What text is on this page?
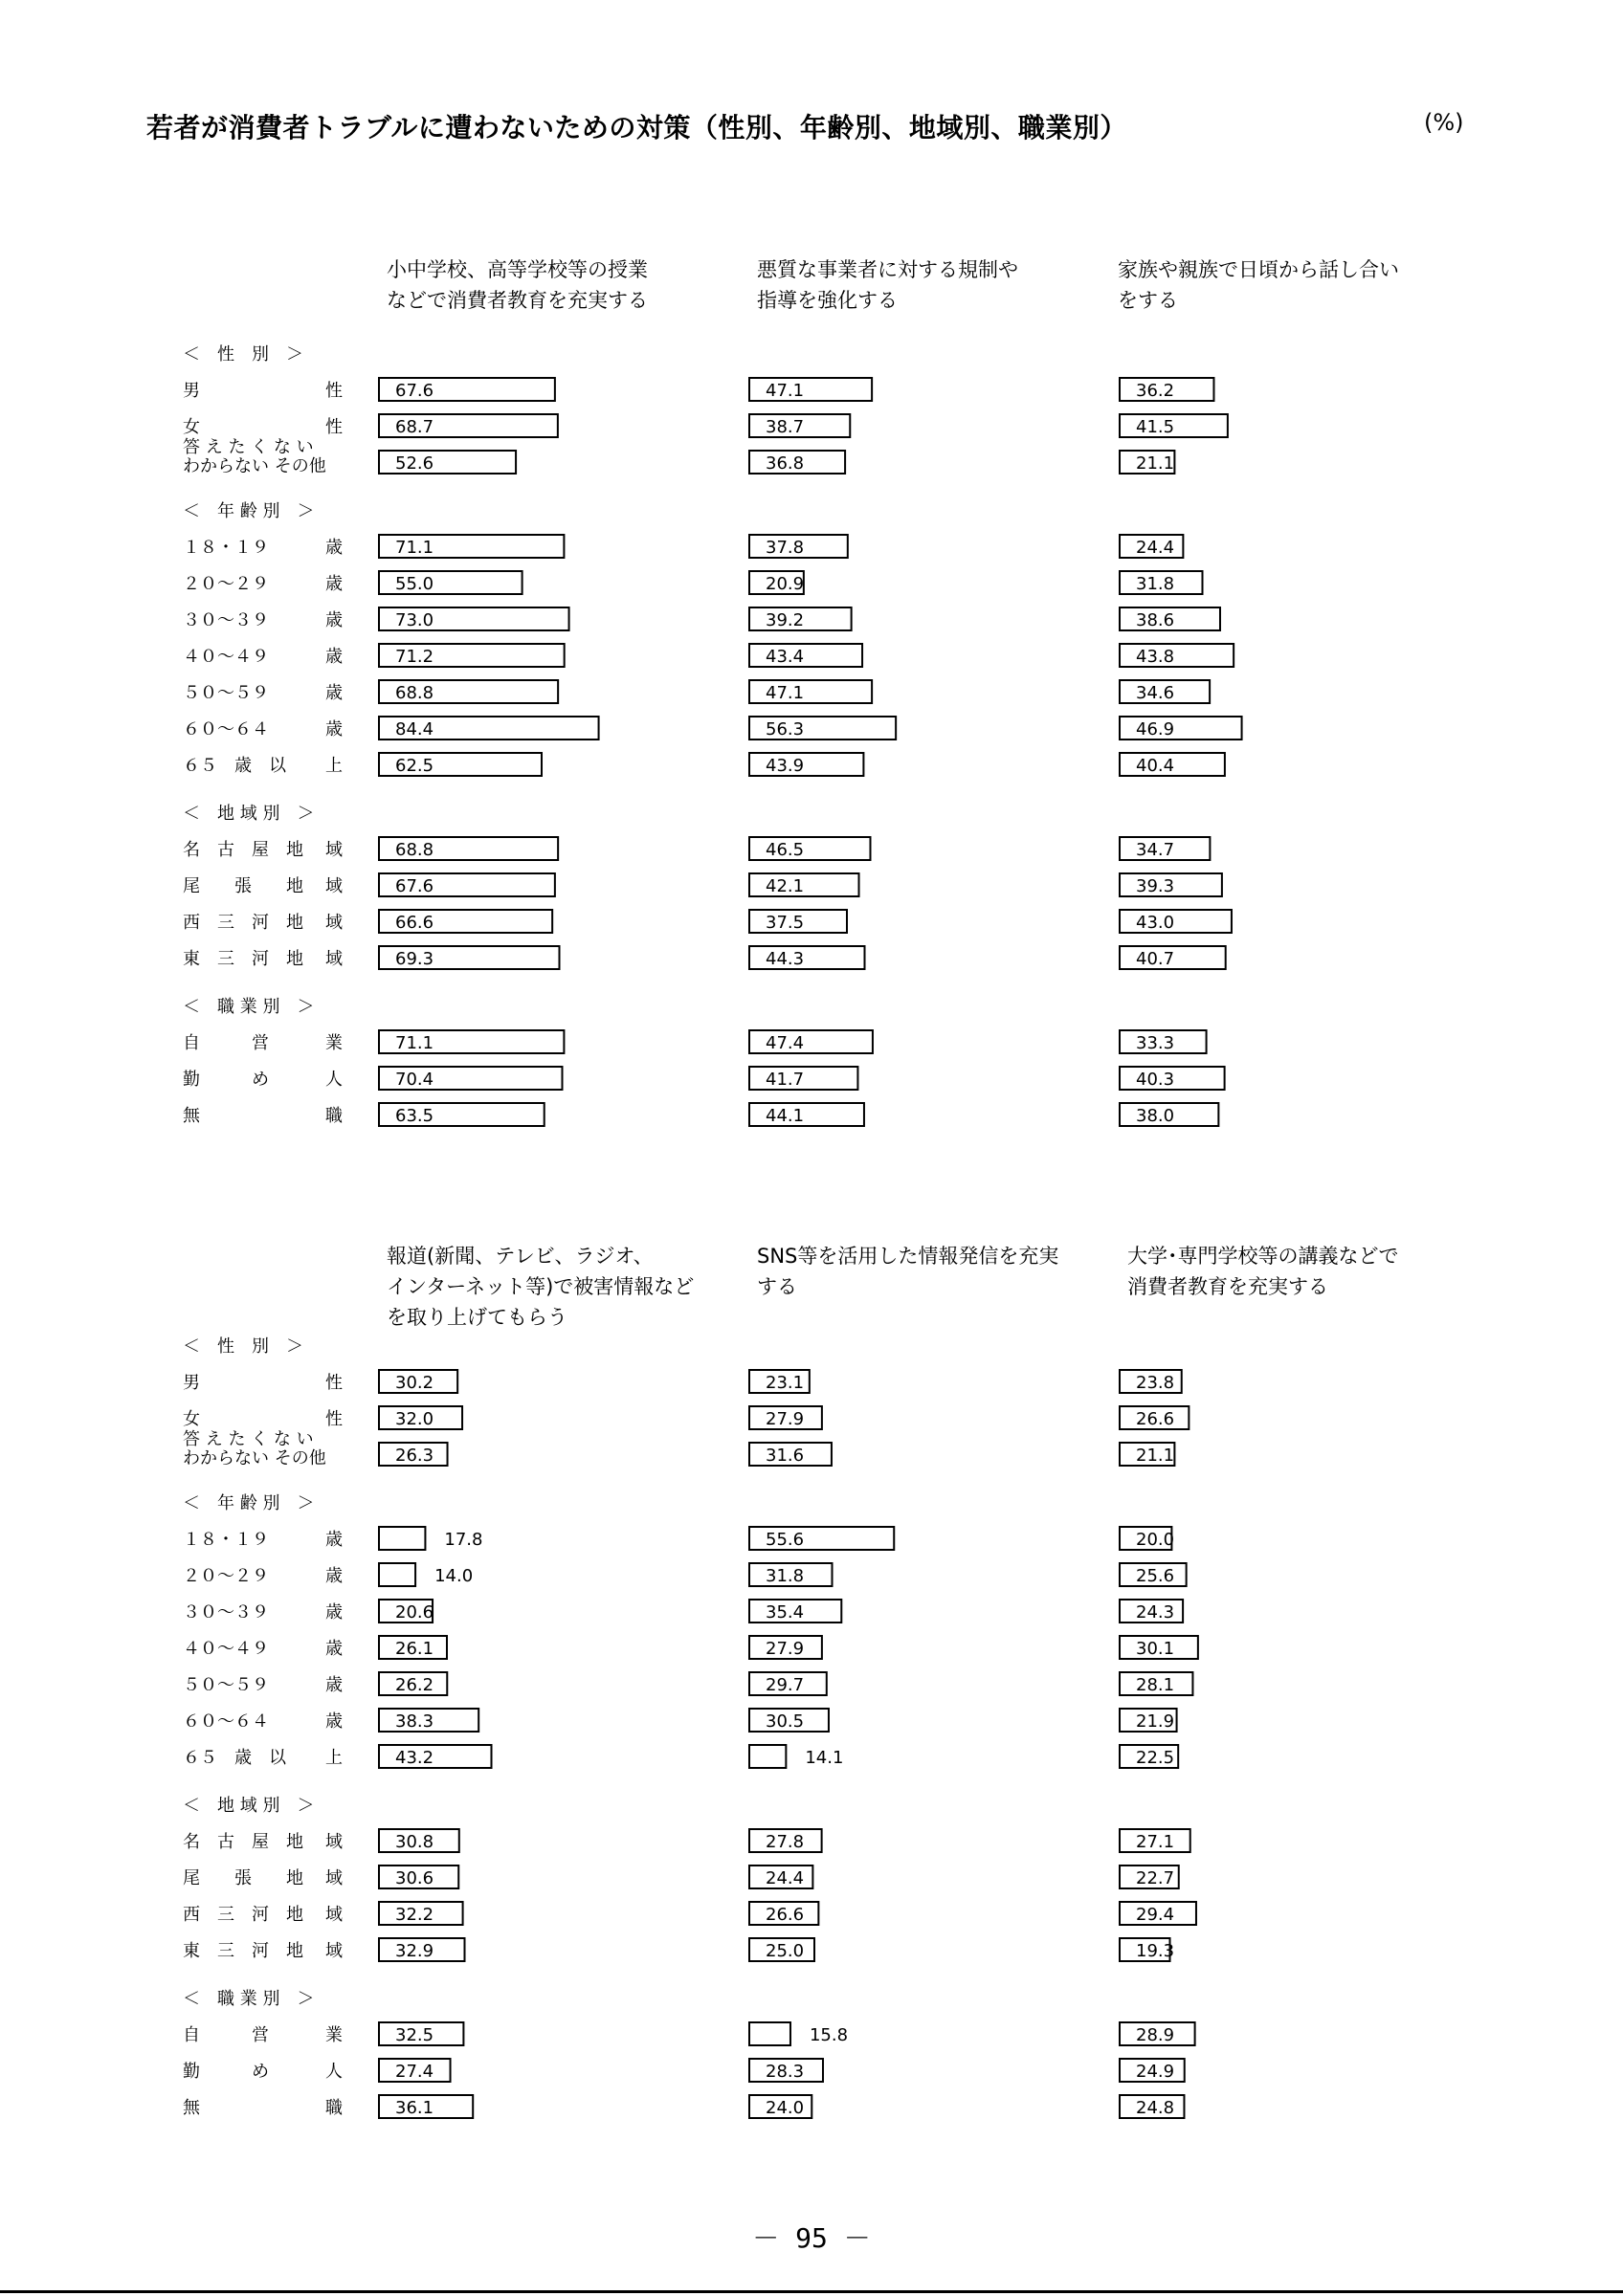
若者が消費者トラブルに遭わないための対策（性別、年齢別、地域別、職業別）	(%)
小中学校、高等学校等の授業
などで消費者教育を充実する
悪質な事業者に対する規制や
指導を強化する
家族や親族で日頃から話し合い
をする
＜　性　別　＞
男	性	67.6	47.1	36.2
女	性	68.7	38.7	41.5
答 え た く な い
わからない その他	52.6	36.8	21.1
＜　年 齢 別　＞
１８・１９	歳	71.1	37.8	24.4
２０～２９	歳	55.0	20.9	31.8
３０～３９	歳	73.0	39.2	38.6
４０～４９	歳	71.2	43.4	43.8
５０～５９	歳	68.8	47.1	34.6
６０～６４	歳	84.4	56.3	46.9
６５　歳　以 上	62.5	43.9	40.4
＜　地 域 別　＞
名　古　屋　地 域	68.8	46.5	34.7
尾　　張　　地 域	67.6	42.1	39.3
西　三　河　地 域	66.6	37.5	43.0
東　三　河　地 域	69.3	44.3	40.7
＜　職 業 別　＞
自　　　営	業	71.1	47.4	33.3
勤　　　め	人	70.4	41.7	40.3
無	職	63.5	44.1	38.0
報道(新聞、テレビ、ラジオ、
インターネット等)で被害情報など
を取り上げてもらう
SNS等を活用した情報発信を充実
する
大学･専門学校等の講義などで
消費者教育を充実する
＜　性　別　＞
男	性	30.2	23.1	23.8
女	性	32.0	27.9	26.6
答 え た く な い
わからない その他	26.3	31.6	21.1
＜　年 齢 別　＞
１８・１９	歳	17.8	55.6	20.0
２０～２９	歳	14.0	31.8	25.6
３０～３９	歳	20.6	35.4	24.3
４０～４９	歳	26.1	27.9	30.1
５０～５９	歳	26.2	29.7	28.1
６０～６４	歳	38.3	30.5	21.9
６５　歳　以 上	43.2	14.1	22.5
＜　地 域 別　＞
名　古　屋　地 域	30.8	27.8	27.1
尾　　張　　地 域	30.6	24.4	22.7
西　三　河　地 域	32.2	26.6	29.4
東　三　河　地 域	32.9	25.0	19.3
＜　職 業 別　＞
自　　　営	業	32.5	15.8	28.9
勤　　　め	人	27.4	28.3	24.9
無	職	36.1	24.0	24.8
－ 95 －
